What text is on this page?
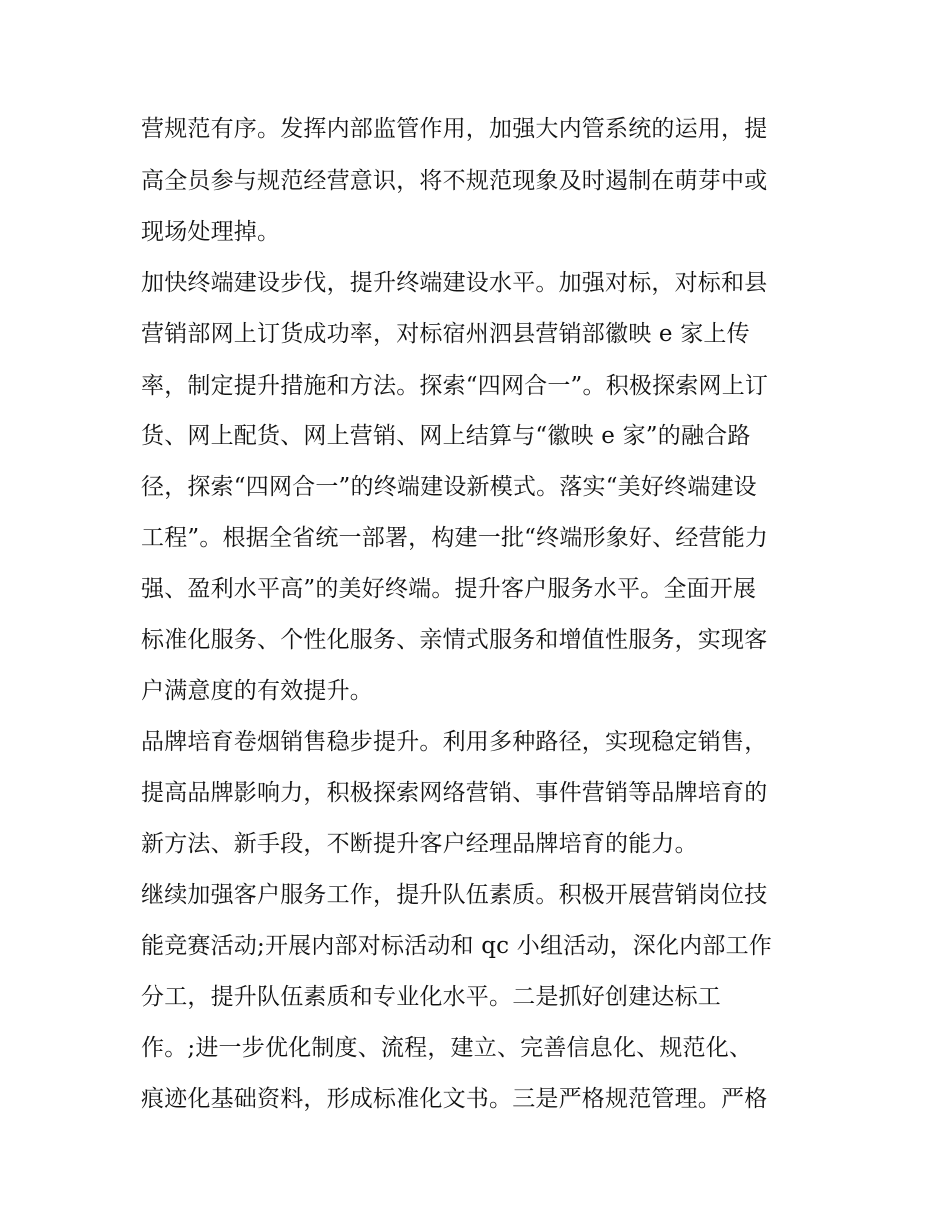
营规范有序。发挥内部监管作用，加强大内管系统的运用，提
高全员参与规范经营意识，将不规范现象及时遏制在萌芽中或
现场处理掉。
加快终端建设步伐，提升终端建设水平。加强对标，对标和县
营销部网上订货成功率，对标宿州泗县营销部徽映 e 家上传
率，制定提升措施和方法。探索“四网合一”。积极探索网上订
货、网上配货、网上营销、网上结算与“徽映 e 家”的融合路
径，探索“四网合一”的终端建设新模式。落实“美好终端建设
工程”。根据全省统一部署，构建一批“终端形象好、经营能力
强、盈利水平高”的美好终端。提升客户服务水平。全面开展
标准化服务、个性化服务、亲情式服务和增值性服务，实现客
户满意度的有效提升。
品牌培育卷烟销售稳步提升。利用多种路径，实现稳定销售，
提高品牌影响力，积极探索网络营销、事件营销等品牌培育的
新方法、新手段，不断提升客户经理品牌培育的能力。
继续加强客户服务工作，提升队伍素质。积极开展营销岗位技
能竞赛活动;开展内部对标活动和 qc 小组活动，深化内部工作
分工，提升队伍素质和专业化水平。二是抓好创建达标工
作。;进一步优化制度、流程，建立、完善信息化、规范化、
痕迹化基础资料，形成标准化文书。三是严格规范管理。严格
